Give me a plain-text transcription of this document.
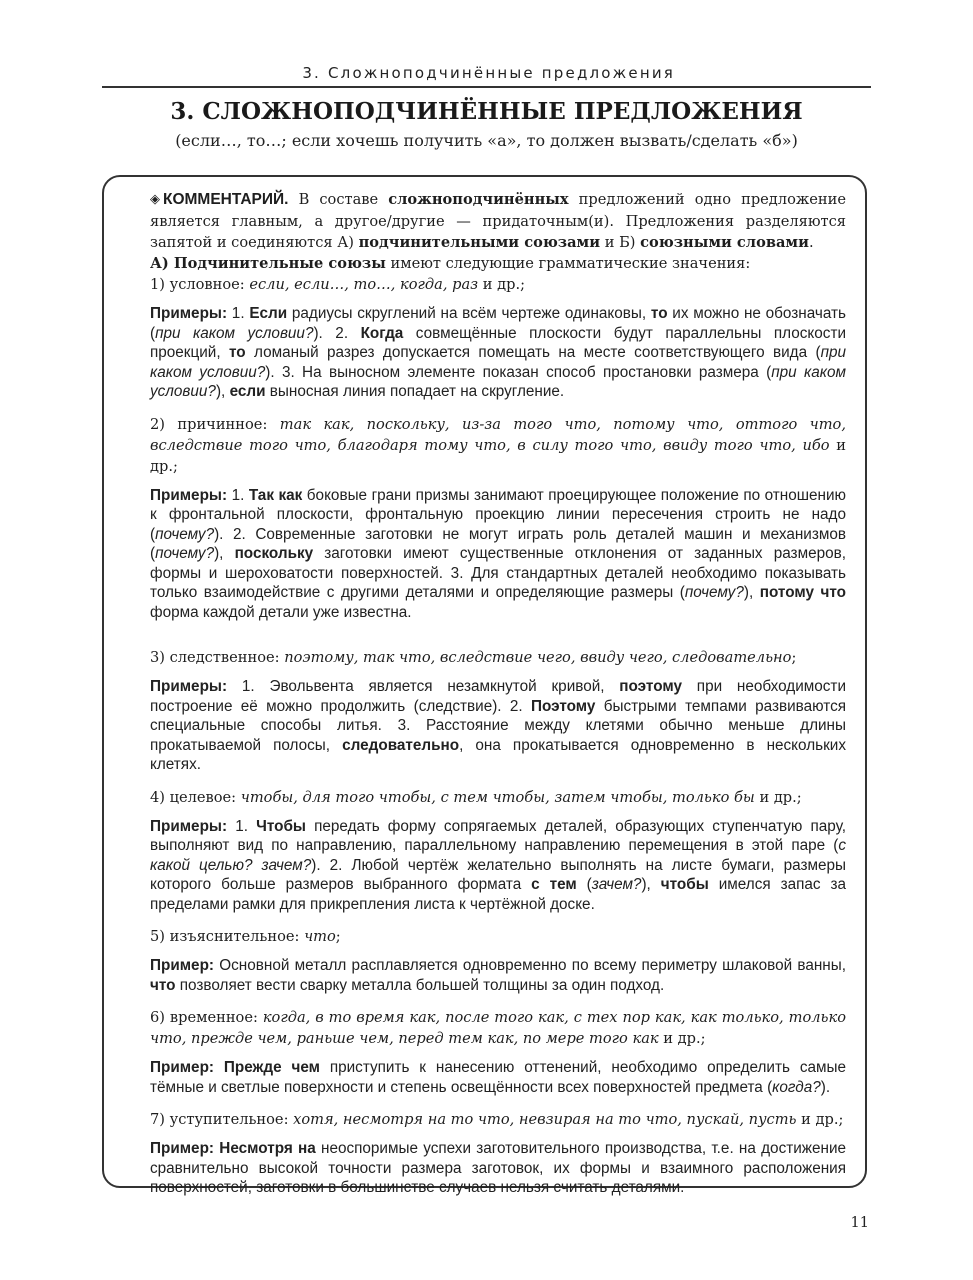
3. Сложноподчинённые предложения
3. СЛОЖНОПОДЧИНЁННЫЕ ПРЕДЛОЖЕНИЯ
(если…, то…; если хочешь получить «а», то должен вызвать/сделать «б»)

◈ КОММЕНТАРИЙ. В составе сложноподчинённых предложений одно предложение является главным, а другое/другие — придаточным(и). Предложения разделяются запятой и соединяются А) подчинительными союзами и Б) союзными словами.

А) Подчинительные союзы имеют следующие грамматические значения:

1) условное: если, если…, то…, когда, раз и др.;

Примеры: 1. Если радиусы скруглений на всём чертеже одинаковы, то их можно не обозначать (при каком условии?). 2. Когда совмещённые плоскости будут параллельны плоскости проекций, то ломаный разрез допускается помещать на месте соответствующего вида (при каком условии?). 3. На выносном элементе показан способ простановки размера (при каком условии?), если выносная линия попадает на скругление.

2) причинное: так как, поскольку, из-за того что, потому что, оттого что, вследствие того что, благодаря тому что, в силу того что, ввиду того что, ибо и др.;

Примеры: 1. Так как боковые грани призмы занимают проецирующее положение по отношению к фронтальной плоскости, фронтальную проекцию линии пересечения строить не надо (почему?). 2. Современные заготовки не могут играть роль деталей машин и механизмов (почему?), поскольку заготовки имеют существенные отклонения от заданных размеров, формы и шероховатости поверхностей. 3. Для стандартных деталей необходимо показывать только взаимодействие с другими деталями и определяющие размеры (почему?), потому что форма каждой детали уже известна.

3) следственное: поэтому, так что, вследствие чего, ввиду чего, следовательно;

Примеры: 1. Эвольвента является незамкнутой кривой, поэтому при необходимости построение её можно продолжить (следствие). 2. Поэтому быстрыми темпами развиваются специальные способы литья. 3. Расстояние между клетями обычно меньше длины прокатываемой полосы, следовательно, она прокатывается одновременно в нескольких клетях.

4) целевое: чтобы, для того чтобы, с тем чтобы, затем чтобы, только бы и др.;

Примеры: 1. Чтобы передать форму сопрягаемых деталей, образующих ступенчатую пару, выполняют вид по направлению, параллельному направлению перемещения в этой паре (с какой целью? зачем?). 2. Любой чертёж желательно выполнять на листе бумаги, размеры которого больше размеров выбранного формата с тем (зачем?), чтобы имелся запас за пределами рамки для прикрепления листа к чертёжной доске.

5) изъяснительное: что;

Пример: Основной металл расплавляется одновременно по всему периметру шлаковой ванны, что позволяет вести сварку металла большей толщины за один подход.

6) временное: когда, в то время как, после того как, с тех пор как, как только, только что, прежде чем, раньше чем, перед тем как, по мере того как и др.;

Пример: Прежде чем приступить к нанесению оттенений, необходимо определить самые тёмные и светлые поверхности и степень освещённости всех поверхностей предмета (когда?).

7) уступительное: хотя, несмотря на то что, невзирая на то что, пускай, пусть и др.;

Пример: Несмотря на неоспоримые успехи заготовительного производства, т.е. на достижение сравнительно высокой точности размера заготовок, их формы и взаимного расположения поверхностей, заготовки в большинстве случаев нельзя считать деталями.

11
